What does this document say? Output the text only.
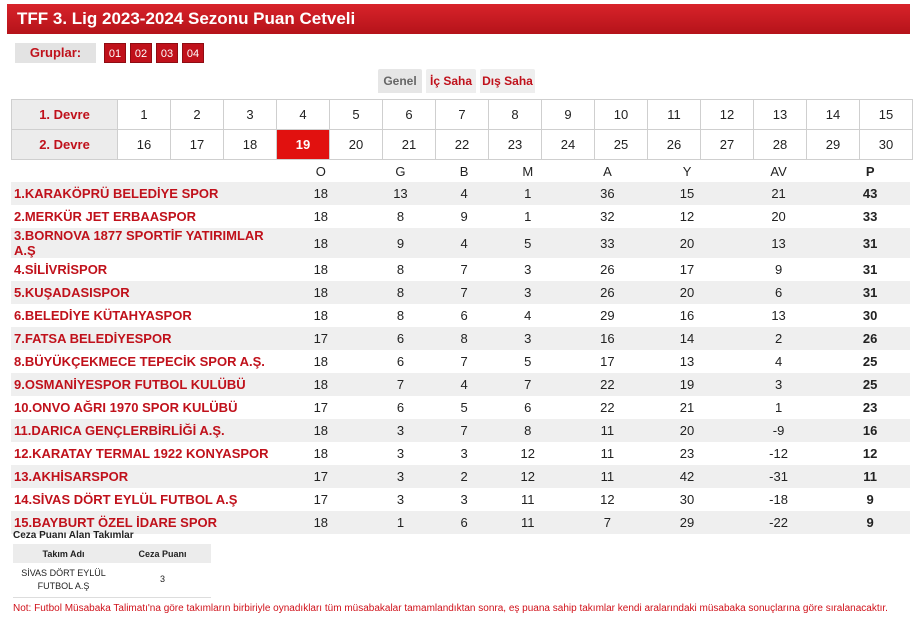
TFF 3. Lig 2023-2024 Sezonu Puan Cetveli
Gruplar:	01	02	03	04
Genel	İç Saha Dış Saha
1. Devre	1	2	3	4	5	6	7	8	9	10	11	12	13	14	15
2. Devre	16	17	18	19	20	21	22	23	24	25	26	27	28	29	30
	O	G	B	M	A	Y	AV	P
1.KARAKÖPRÜ BELEDİYE SPOR	18	13	4	1	36	15	21	43
2.MERKÜR JET ERBAASPOR	18	8	9	1	32	12	20	33
3.BORNOVA 1877 SPORTİF YATIRIMLAR A.Ş	18	9	4	5	33	20	13	31
4.SİLİVRİSPOR	18	8	7	3	26	17	9	31
5.KUŞADASISPOR	18	8	7	3	26	20	6	31
6.BELEDİYE KÜTAHYASPOR	18	8	6	4	29	16	13	30
7.FATSA BELEDİYESPOR	17	6	8	3	16	14	2	26
8.BÜYÜKÇEKMECE TEPECİK SPOR A.Ş.	18	6	7	5	17	13	4	25
9.OSMANİYESPOR FUTBOL KULÜBÜ	18	7	4	7	22	19	3	25
10.ONVO AĞRI 1970 SPOR KULÜBÜ	17	6	5	6	22	21	1	23
11.DARICA GENÇLERBİRLİĞİ A.Ş.	18	3	7	8	11	20	-9	16
12.KARATAY TERMAL 1922 KONYASPOR	18	3	3	12	11	23	-12	12
13.AKHİSARSPOR	17	3	2	12	11	42	-31	11
14.SİVAS DÖRT EYLÜL FUTBOL A.Ş	17	3	3	11	12	30	-18	9
15.BAYBURT ÖZEL İDARE SPOR	18	1	6	11	7	29	-22	9
Ceza Puanı Alan Takımlar
Takım Adı	Ceza Puanı
SİVAS DÖRT EYLÜL
FUTBOL A.Ş	3
Not: Futbol Müsabaka Talimatı'na göre takımların birbiriyle oynadıkları tüm müsabakalar tamamlandıktan sonra, eş puana sahip takımlar kendi aralarındaki müsabaka sonuçlarına göre sıralanacaktır.
